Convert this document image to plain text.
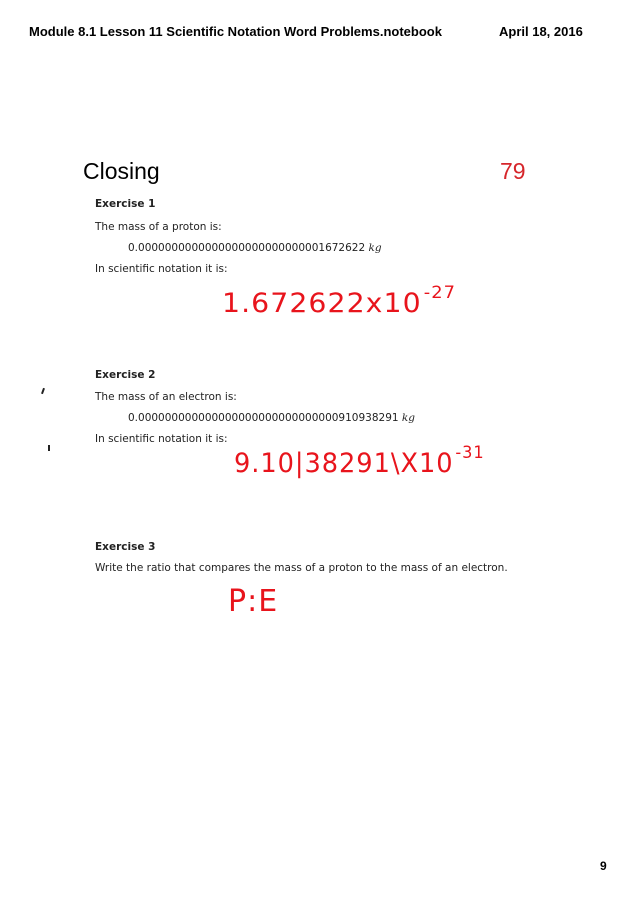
Module 8.1 Lesson 11 Scientific Notation Word Problems.notebook	April 18, 2016
Closing	79
Exercise 1
The mass of a proton is:
0.0000000000000000000000000001672622 kg
In scientific notation it is:
1.672622x10 $^{-27}$
Exercise 2
The mass of an electron is:
0.000000000000000000000000000000910938291 kg
In scientific notation it is:
9.10|38291\X10 $^{-31}$
Exercise 3
Write the ratio that compares the mass of a proton to the mass of an electron.
P:E
9
